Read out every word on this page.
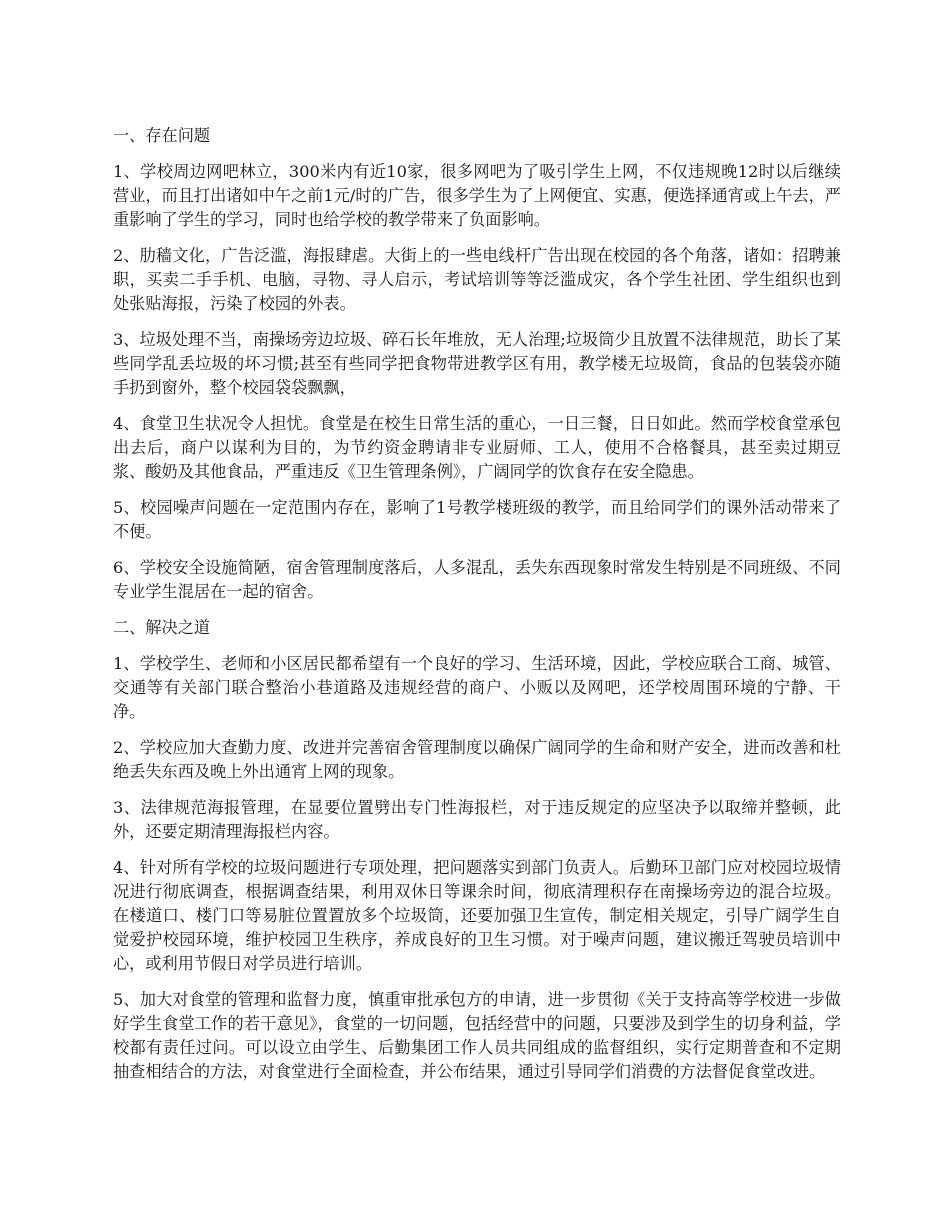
一、存在问题

1、学校周边网吧林立，300米内有近10家，很多网吧为了吸引学生上网，不仅违规晚12时以后继续营业，而且打出诸如中午之前1元/时的广告，很多学生为了上网便宜、实惠，便选择通宵或上午去，严重影响了学生的学习，同时也给学校的教学带来了负面影响。

2、肋穑文化，广告泛滥，海报肆虐。大街上的一些电线杆广告出现在校园的各个角落，诸如：招聘兼职，买卖二手手机、电脑，寻物、寻人启示，考试培训等等泛滥成灾，各个学生社团、学生组织也到处张贴海报，污染了校园的外表。

3、垃圾处理不当，南操场旁边垃圾、碎石长年堆放，无人治理;垃圾筒少且放置不法律规范，助长了某些同学乱丢垃圾的坏习惯;甚至有些同学把食物带进教学区有用，教学楼无垃圾筒，食品的包装袋亦随手扔到窗外，整个校园袋袋飘飘，

4、食堂卫生状况令人担忧。食堂是在校生日常生活的重心，一日三餐，日日如此。然而学校食堂承包出去后，商户以谋利为目的，为节约资金聘请非专业厨师、工人，使用不合格餐具，甚至卖过期豆浆、酸奶及其他食品，严重违反《卫生管理条例》，广阔同学的饮食存在安全隐患。

5、校园噪声问题在一定范围内存在，影响了1号教学楼班级的教学，而且给同学们的课外活动带来了不便。

6、学校安全设施简陋，宿舍管理制度落后，人多混乱，丢失东西现象时常发生特别是不同班级、不同专业学生混居在一起的宿舍。

二、解决之道

1、学校学生、老师和小区居民都希望有一个良好的学习、生活环境，因此，学校应联合工商、城管、交通等有关部门联合整治小巷道路及违规经营的商户、小贩以及网吧，还学校周围环境的宁静、干净。

2、学校应加大查勤力度、改进并完善宿舍管理制度以确保广阔同学的生命和财产安全，进而改善和杜绝丢失东西及晚上外出通宵上网的现象。

3、法律规范海报管理，在显要位置劈出专门性海报栏，对于违反规定的应坚决予以取缔并整顿，此外，还要定期清理海报栏内容。

4、针对所有学校的垃圾问题进行专项处理，把问题落实到部门负责人。后勤环卫部门应对校园垃圾情况进行彻底调查，根据调查结果，利用双休日等课余时间，彻底清理积存在南操场旁边的混合垃圾。在楼道口、楼门口等易脏位置置放多个垃圾筒，还要加强卫生宣传，制定相关规定，引导广阔学生自觉爱护校园环境，维护校园卫生秩序，养成良好的卫生习惯。对于噪声问题，建议搬迁驾驶员培训中心，或利用节假日对学员进行培训。

5、加大对食堂的管理和监督力度，慎重审批承包方的申请，进一步贯彻《关于支持高等学校进一步做好学生食堂工作的若干意见》，食堂的一切问题，包括经营中的问题，只要涉及到学生的切身利益，学校都有责任过问。可以设立由学生、后勤集团工作人员共同组成的监督组织，实行定期普查和不定期抽查相结合的方法，对食堂进行全面检查，并公布结果，通过引导同学们消费的方法督促食堂改进。
